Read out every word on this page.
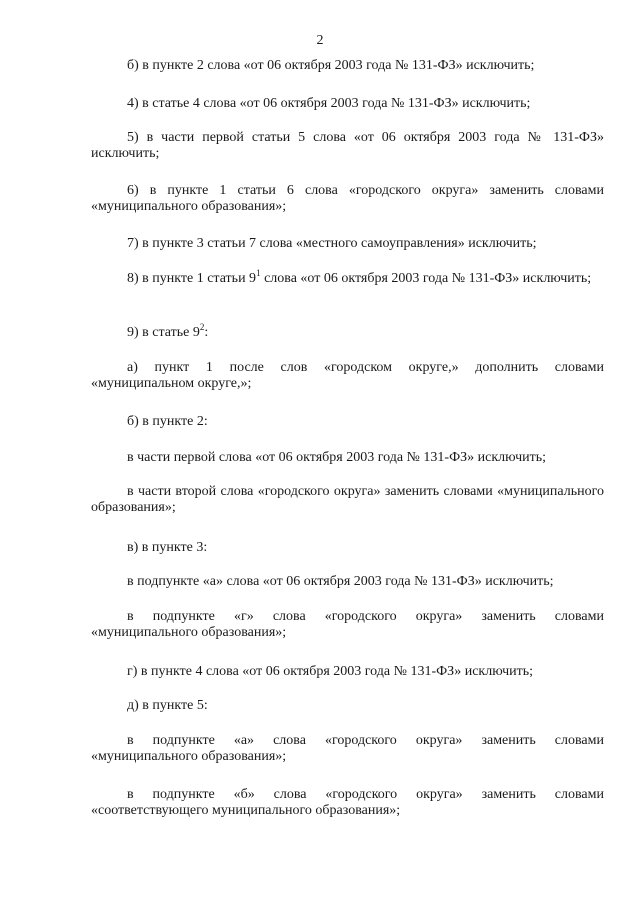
2

б) в пункте 2 слова «от 06 октября 2003 года № 131-ФЗ» исключить;

4) в статье 4 слова «от 06 октября 2003 года № 131-ФЗ» исключить;

5) в части первой статьи 5 слова «от 06 октября 2003 года № 131-ФЗ» исключить;

6) в пункте 1 статьи 6 слова «городского округа» заменить словами «муниципального образования»;

7) в пункте 3 статьи 7 слова «местного самоуправления» исключить;

8) в пункте 1 статьи $9^1$ слова «от 06 октября 2003 года № 131-ФЗ» исключить;

9) в статье $9^2$:

а) пункт 1 после слов «городском округе,» дополнить словами «муниципальном округе,»;

б) в пункте 2:

в части первой слова «от 06 октября 2003 года № 131-ФЗ» исключить;

в части второй слова «городского округа» заменить словами «муниципального образования»;

в) в пункте 3:

в подпункте «а» слова «от 06 октября 2003 года № 131-ФЗ» исключить;

в подпункте «г» слова «городского округа» заменить словами «муниципального образования»;

г) в пункте 4 слова «от 06 октября 2003 года № 131-ФЗ» исключить;

д) в пункте 5:

в подпункте «а» слова «городского округа» заменить словами «муниципального образования»;

в подпункте «б» слова «городского округа» заменить словами «соответствующего муниципального образования»;
